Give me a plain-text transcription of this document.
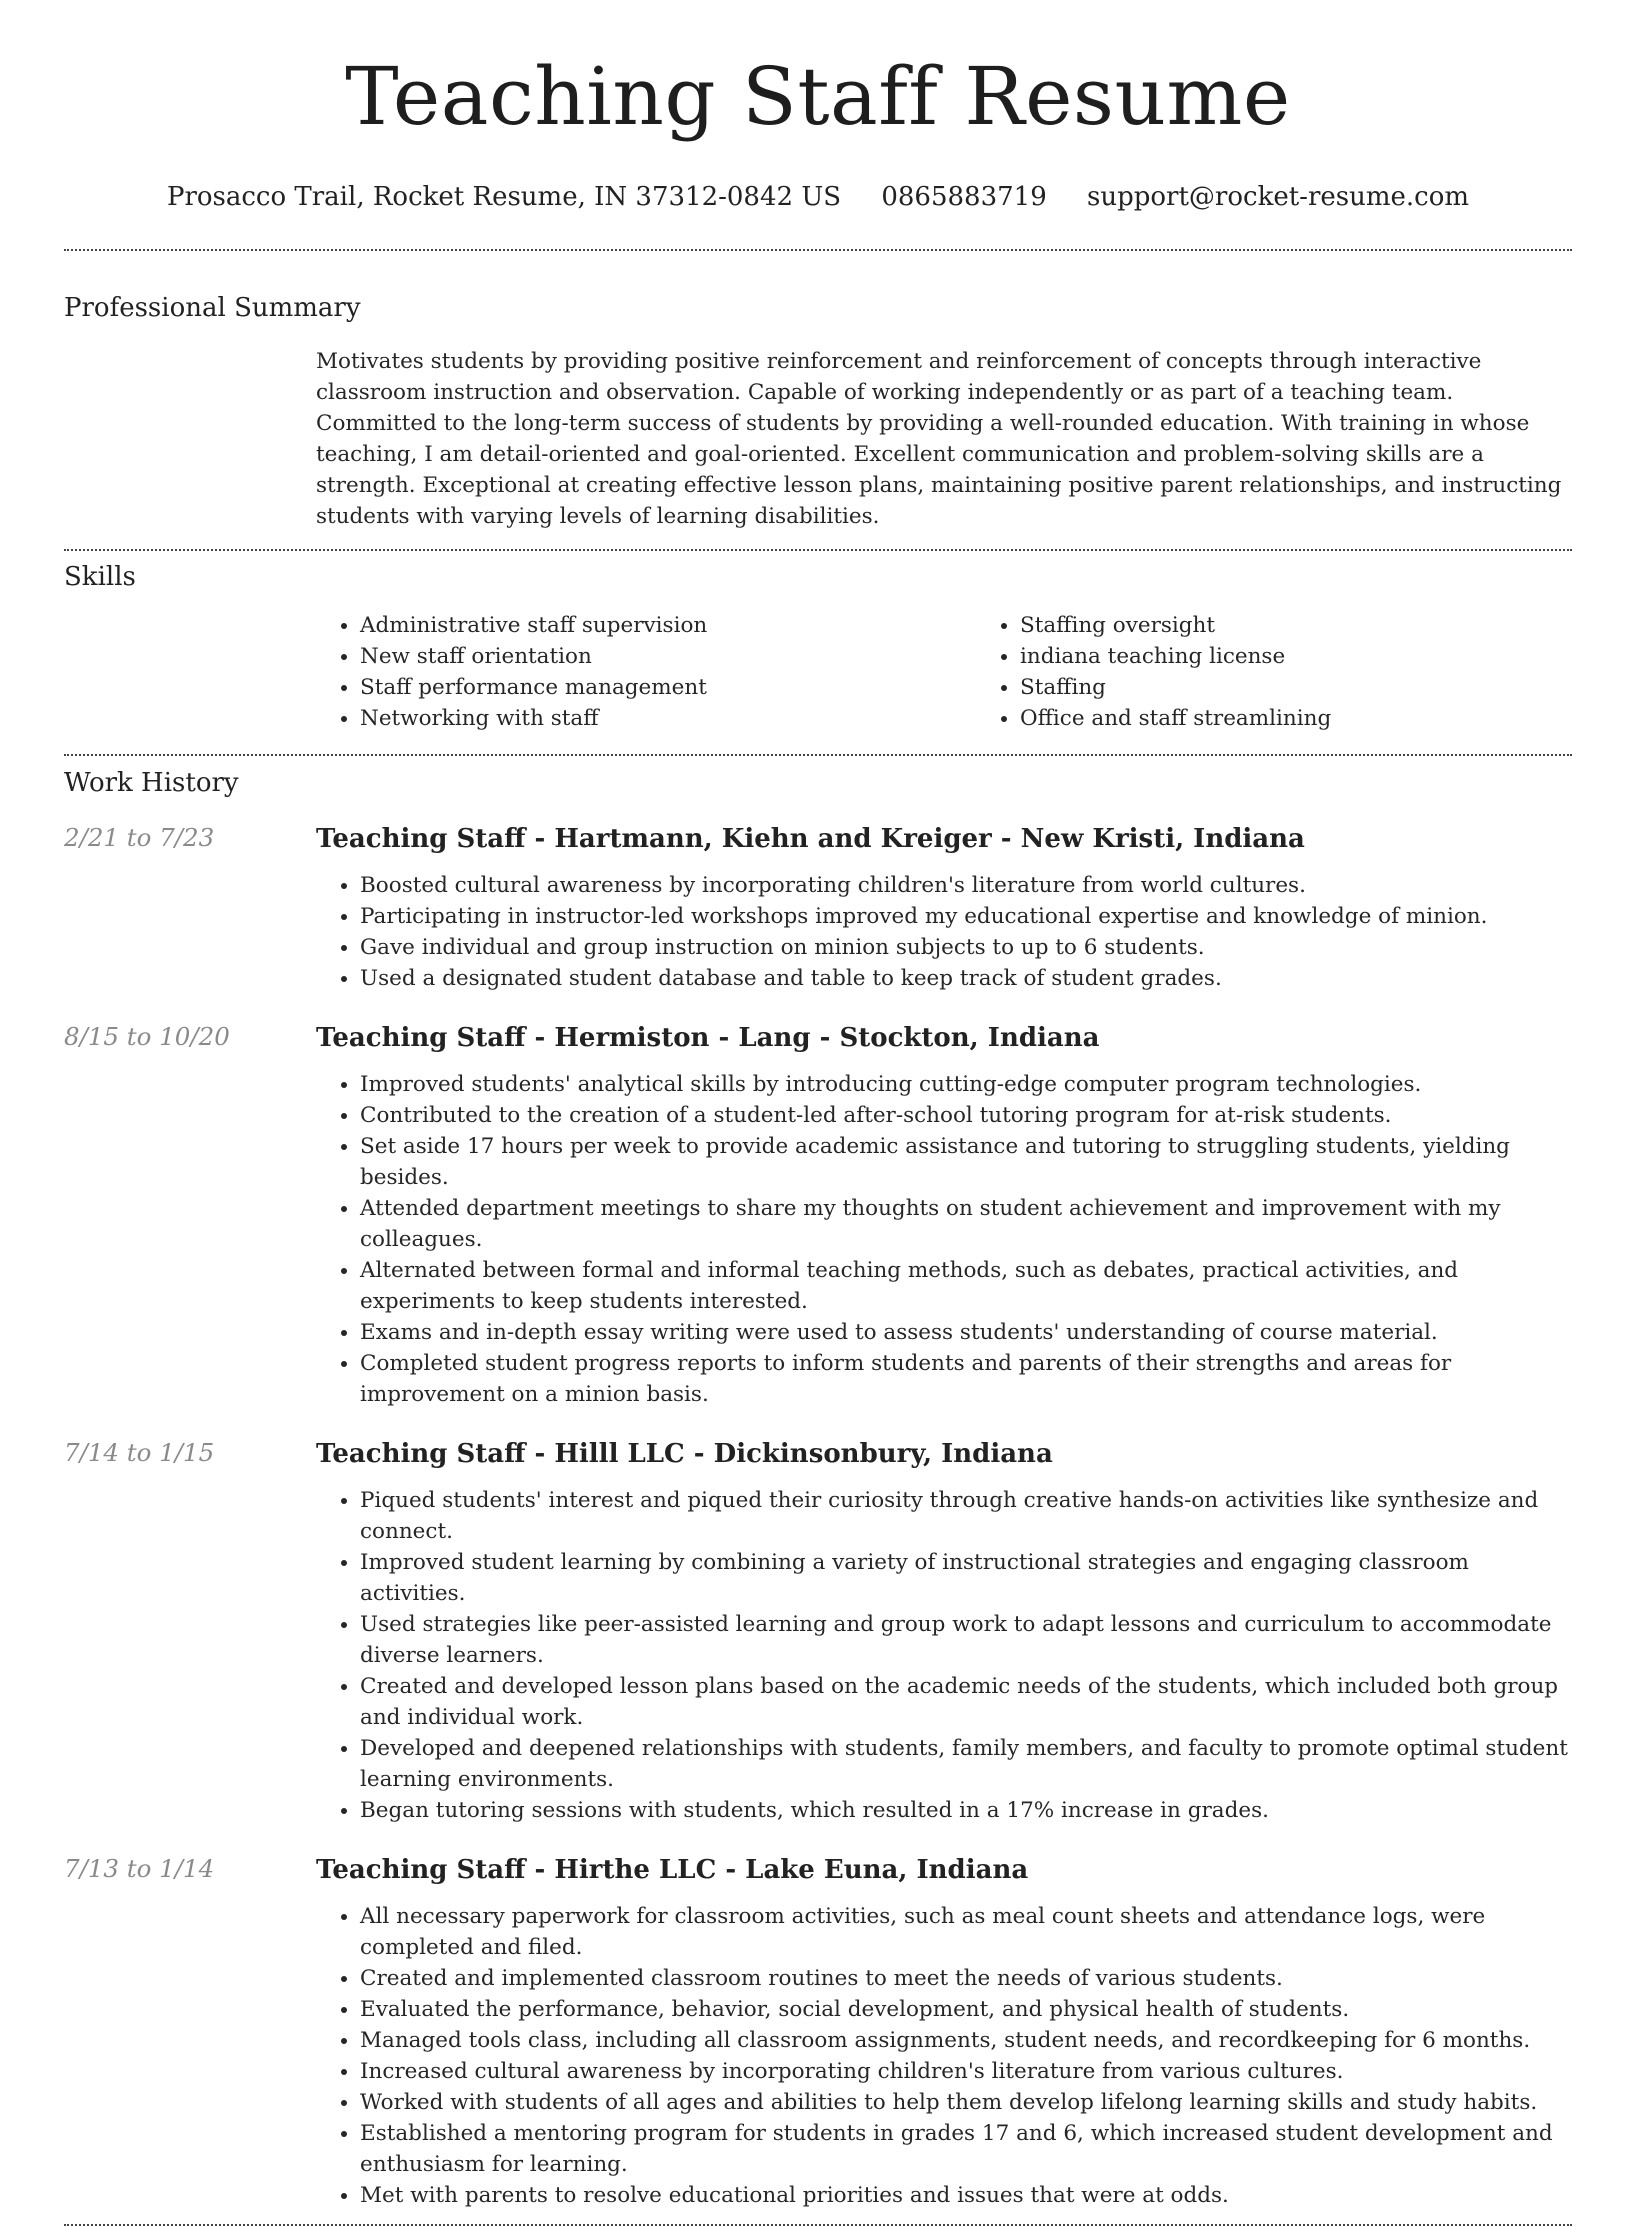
Teaching Staff Resume
Prosacco Trail, Rocket Resume, IN 37312-0842 US 0865883719 support@rocket-resume.com
Professional Summary

Motivates students by providing positive reinforcement and reinforcement of concepts through interactive classroom instruction and observation. Capable of working independently or as part of a teaching team. Committed to the long-term success of students by providing a well-rounded education. With training in whose teaching, I am detail-oriented and goal-oriented. Excellent communication and problem-solving skills are a strength. Exceptional at creating effective lesson plans, maintaining positive parent relationships, and instructing students with varying levels of learning disabilities.

Skills
• Administrative staff supervision
• New staff orientation
• Staff performance management
• Networking with staff
• Staffing oversight
• indiana teaching license
• Staffing
• Office and staff streamlining
Work History
2/21 to 7/23	Teaching Staff - Hartmann, Kiehn and Kreiger - New Kristi, Indiana
• Boosted cultural awareness by incorporating children's literature from world cultures.
• Participating in instructor-led workshops improved my educational expertise and knowledge of minion.
• Gave individual and group instruction on minion subjects to up to 6 students.
• Used a designated student database and table to keep track of student grades.
8/15 to 10/20	Teaching Staff - Hermiston - Lang - Stockton, Indiana
• Improved students' analytical skills by introducing cutting-edge computer program technologies.
• Contributed to the creation of a student-led after-school tutoring program for at-risk students.
• Set aside 17 hours per week to provide academic assistance and tutoring to struggling students, yielding besides.
• Attended department meetings to share my thoughts on student achievement and improvement with my colleagues.
• Alternated between formal and informal teaching methods, such as debates, practical activities, and experiments to keep students interested.
• Exams and in-depth essay writing were used to assess students' understanding of course material.
• Completed student progress reports to inform students and parents of their strengths and areas for improvement on a minion basis.
7/14 to 1/15	Teaching Staff - Hilll LLC - Dickinsonbury, Indiana
• Piqued students' interest and piqued their curiosity through creative hands-on activities like synthesize and connect.
• Improved student learning by combining a variety of instructional strategies and engaging classroom activities.
• Used strategies like peer-assisted learning and group work to adapt lessons and curriculum to accommodate diverse learners.
• Created and developed lesson plans based on the academic needs of the students, which included both group and individual work.
• Developed and deepened relationships with students, family members, and faculty to promote optimal student learning environments.
• Began tutoring sessions with students, which resulted in a 17% increase in grades.
7/13 to 1/14	Teaching Staff - Hirthe LLC - Lake Euna, Indiana
• All necessary paperwork for classroom activities, such as meal count sheets and attendance logs, were completed and filed.
• Created and implemented classroom routines to meet the needs of various students.
• Evaluated the performance, behavior, social development, and physical health of students.
• Managed tools class, including all classroom assignments, student needs, and recordkeeping for 6 months.
• Increased cultural awareness by incorporating children's literature from various cultures.
• Worked with students of all ages and abilities to help them develop lifelong learning skills and study habits.
• Established a mentoring program for students in grades 17 and 6, which increased student development and enthusiasm for learning.
• Met with parents to resolve educational priorities and issues that were at odds.
